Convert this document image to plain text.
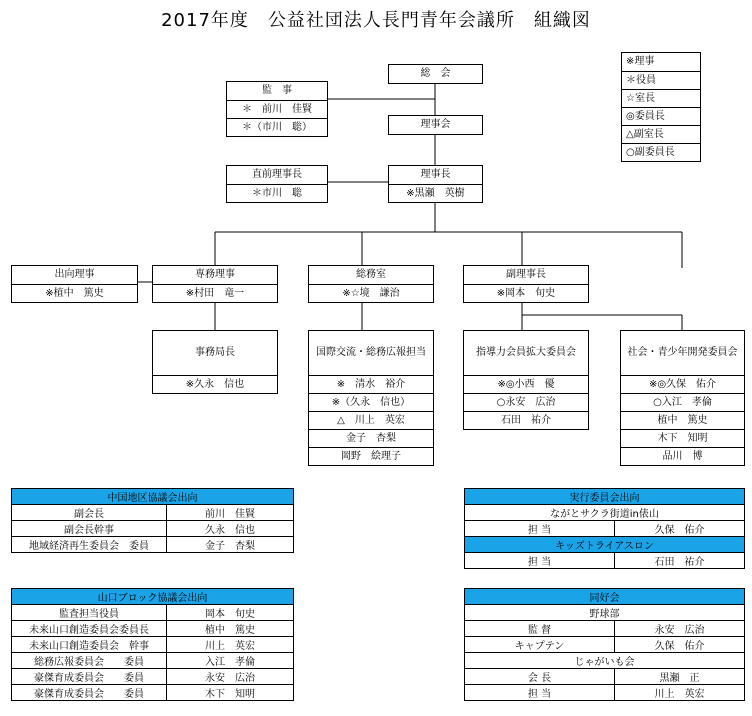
2017年度　公益社団法人長門青年会議所　組織図
※理事
＊役員
☆室長
◎委員長
△副室長
○副委員長
総　会
監　事
＊　前川　佳賢
＊（市川　聡）	理事会
直前理事長
＊市川　聡
理事長
※黒瀬　英樹
出向理事
※植中　篤史
専務理事
※村田　竜一
総務室
※☆境　謙治
副理事長
※岡本　旬史
事務局長
※久永　信也
国際交流・総務広報担当
※　清水　裕介
※（久永　信也）
△　川上　英宏
金子　杏梨
岡野　絵理子
指導力会員拡大委員会
※◎小西　優
○永安　広治
石田　祐介
社会・青少年開発委員会
※◎久保　佑介
○入江　孝倫
植中　篤史
木下　知明
品川　博
中国地区協議会出向	
副会長	前川　佳賢
副会長幹事	久永　信也
地域経済再生委員会　委員	金子　杏梨
実行委員会出向	
ながとサクラ街道in俵山	
担 当	久保　佑介
キッズトライアスロン	
担 当	石田　祐介
山口ブロック協議会出向	
監査担当役員	岡本　旬史
未来山口創造委員会委員長	植中　篤史
未来山口創造委員会　幹事	川上　英宏
総務広報委員会　　委員	入江　孝倫
豪傑育成委員会　　委員	永安　広治
豪傑育成委員会　　委員	木下　知明
同好会	
野球部	
監 督	永安　広治
キャプテン	久保　佑介
じゃがいも会	
会 長	黒瀬　正
担 当	川上　英宏
